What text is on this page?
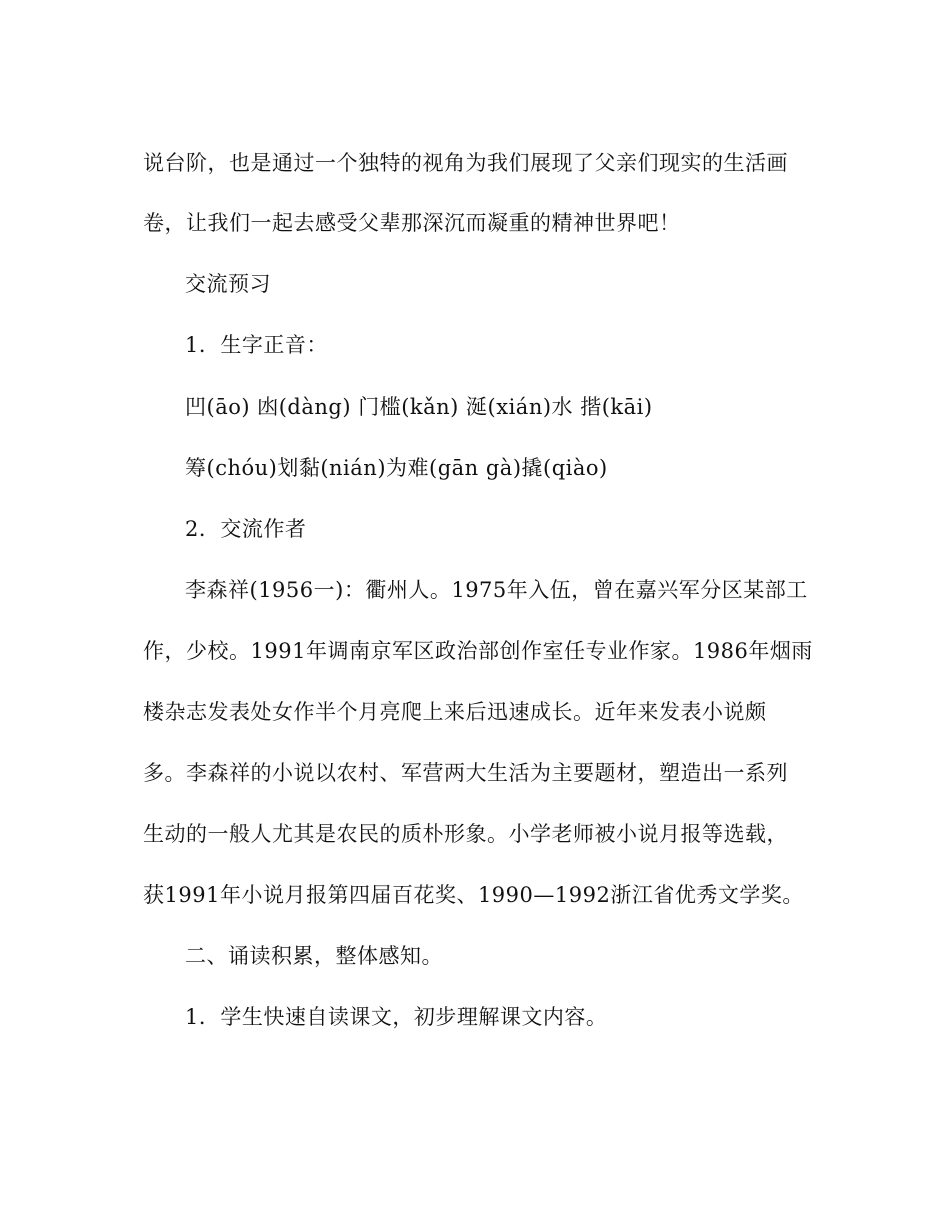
说台阶，也是通过一个独特的视角为我们展现了父亲们现实的生活画

卷，让我们一起去感受父辈那深沉而凝重的精神世界吧！

交流预习

1．生字正音：

凹(āo) 凼(dàng) 门槛(kǎn) 涎(xián)水 揩(kāi)

筹(chóu)划黏(nián)为难(gān gà)撬(qiào)

2．交流作者

李森祥(1956一)：衢州人。1975年入伍，曾在嘉兴军分区某部工

作，少校。1991年调南京军区政治部创作室任专业作家。1986年烟雨

楼杂志发表处女作半个月亮爬上来后迅速成长。近年来发表小说颇

多。李森祥的小说以农村、军营两大生活为主要题材，塑造出一系列

生动的一般人尤其是农民的质朴形象。小学老师被小说月报等选载，

获1991年小说月报第四届百花奖、1990—1992浙江省优秀文学奖。

二、诵读积累，整体感知。

1．学生快速自读课文，初步理解课文内容。
